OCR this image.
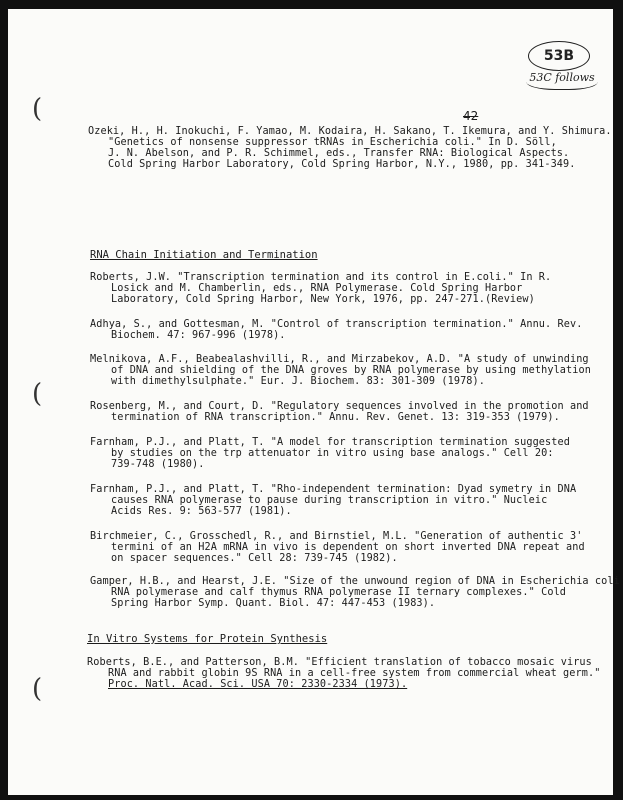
(
(
(
53B
53C follows
42
Ozeki, H., H. Inokuchi, F. Yamao, M. Kodaira, H. Sakano, T. Ikemura, and Y. Shimura.
"Genetics of nonsense suppressor tRNAs in Escherichia coli." In D. Söll,
J. N. Abelson, and P. R. Schimmel, eds., Transfer RNA: Biological Aspects.
Cold Spring Harbor Laboratory, Cold Spring Harbor, N.Y., 1980, pp. 341-349.
RNA Chain Initiation and Termination
Roberts, J.W. "Transcription termination and its control in E.coli." In R.
Losick and M. Chamberlin, eds., RNA Polymerase. Cold Spring Harbor
Laboratory, Cold Spring Harbor, New York, 1976, pp. 247-271.(Review)
Adhya, S., and Gottesman, M. "Control of transcription termination." Annu. Rev.
Biochem. 47: 967-996 (1978).
Melnikova, A.F., Beabealashvilli, R., and Mirzabekov, A.D. "A study of unwinding
of DNA and shielding of the DNA groves by RNA polymerase by using methylation
with dimethylsulphate." Eur. J. Biochem. 83: 301-309 (1978).
Rosenberg, M., and Court, D. "Regulatory sequences involved in the promotion and
termination of RNA transcription." Annu. Rev. Genet. 13: 319-353 (1979).
Farnham, P.J., and Platt, T. "A model for transcription termination suggested
by studies on the trp attenuator in vitro using base analogs." Cell 20:
739-748 (1980).
Farnham, P.J., and Platt, T. "Rho-independent termination: Dyad symetry in DNA
causes RNA polymerase to pause during transcription in vitro." Nucleic
Acids Res. 9: 563-577 (1981).
Birchmeier, C., Grosschedl, R., and Birnstiel, M.L. "Generation of authentic 3'
termini of an H2A mRNA in vivo is dependent on short inverted DNA repeat and
on spacer sequences." Cell 28: 739-745 (1982).
Gamper, H.B., and Hearst, J.E. "Size of the unwound region of DNA in Escherichia coli
RNA polymerase and calf thymus RNA polymerase II ternary complexes." Cold
Spring Harbor Symp. Quant. Biol. 47: 447-453 (1983).
In Vitro Systems for Protein Synthesis
Roberts, B.E., and Patterson, B.M. "Efficient translation of tobacco mosaic virus
RNA and rabbit globin 9S RNA in a cell-free system from commercial wheat germ."
Proc. Natl. Acad. Sci. USA 70: 2330-2334 (1973).
